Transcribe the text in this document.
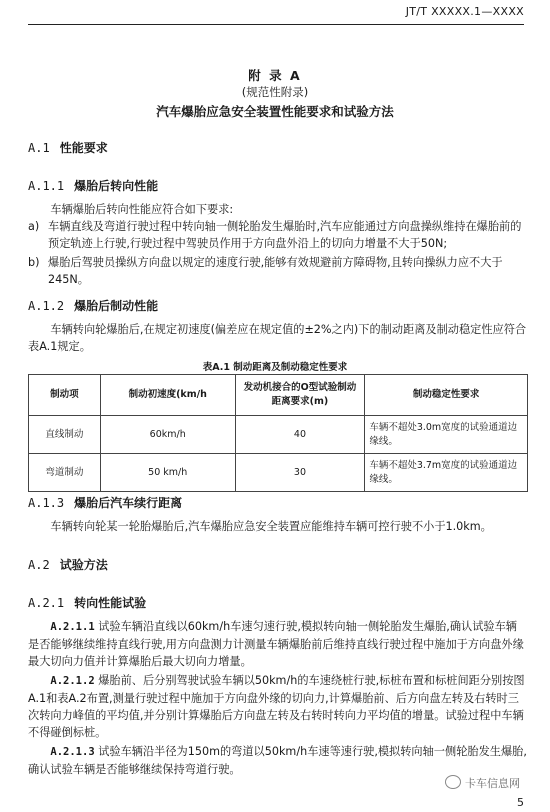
JT/T XXXXX.1—XXXX
附 录 A
(规范性附录)
汽车爆胎应急安全装置性能要求和试验方法
A.1 性能要求
A.1.1 爆胎后转向性能
车辆爆胎后转向性能应符合如下要求:
a) 车辆直线及弯道行驶过程中转向轴一侧轮胎发生爆胎时,汽车应能通过方向盘操纵维持在爆胎前的预定轨迹上行驶,行驶过程中驾驶员作用于方向盘外沿上的切向力增量不大于50N;
b) 爆胎后驾驶员操纵方向盘以规定的速度行驶,能够有效规避前方障碍物,且转向操纵力应不大于245N。
A.1.2 爆胎后制动性能
车辆转向轮爆胎后,在规定初速度(偏差应在规定值的±2%之内)下的制动距离及制动稳定性应符合表A.1规定。
表A.1 制动距离及制动稳定性要求
制动项	制动初速度(km/h	发动机接合的O型试验制动距离要求(m)	制动稳定性要求
直线制动	60km/h	40	车辆不超处3.0m宽度的试验通道边缘线。
弯道制动	50 km/h	30	车辆不超处3.7m宽度的试验通道边缘线。
A.1.3 爆胎后汽车续行距离
车辆转向轮某一轮胎爆胎后,汽车爆胎应急安全装置应能维持车辆可控行驶不小于1.0km。
A.2 试验方法
A.2.1 转向性能试验
A.2.1.1 试验车辆沿直线以60km/h车速匀速行驶,模拟转向轴一侧轮胎发生爆胎,确认试验车辆是否能够继续维持直线行驶,用方向盘测力计测量车辆爆胎前后维持直线行驶过程中施加于方向盘外缘最大切向力值并计算爆胎后最大切向力增量。
A.2.1.2 爆胎前、后分别驾驶试验车辆以50km/h的车速绕桩行驶,标桩布置和标桩间距分别按图A.1和表A.2布置,测量行驶过程中施加于方向盘外缘的切向力,计算爆胎前、后方向盘左转及右转时三次转向力峰值的平均值,并分别计算爆胎后方向盘左转及右转时转向力平均值的增量。试验过程中车辆不得碰倒标桩。
A.2.1.3 试验车辆沿半径为150m的弯道以50km/h车速等速行驶,模拟转向轴一侧轮胎发生爆胎,确认试验车辆是否能够继续保持弯道行驶。
卡车信息网
5
